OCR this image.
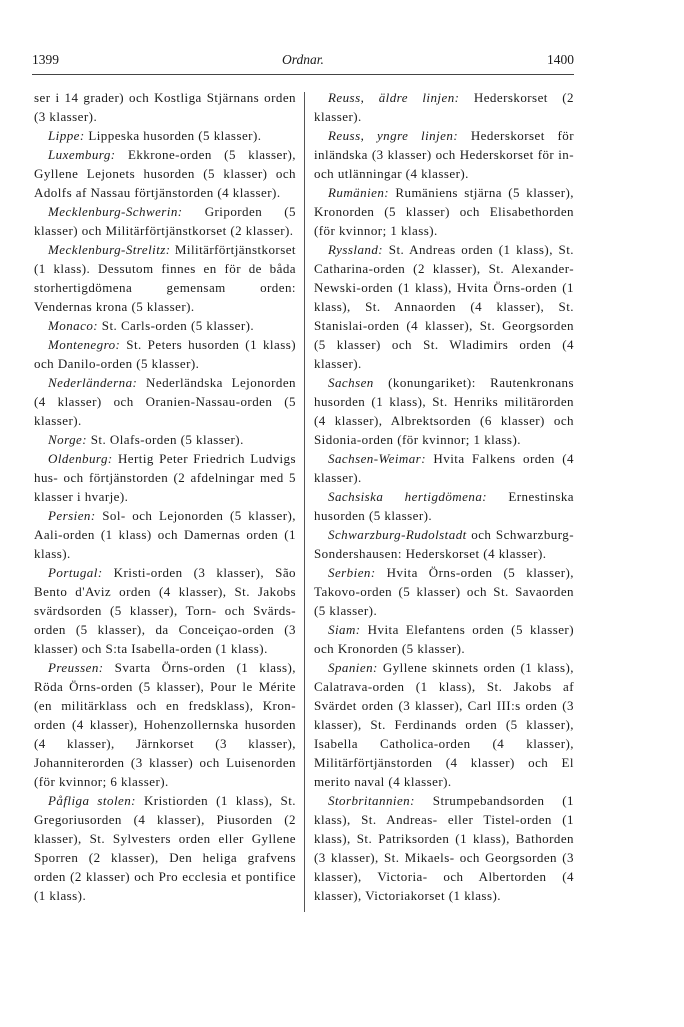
1399	Ordnar.	1400

ser i 14 grader) och Kostliga Stjärnans orden (3 klasser).

Lippe: Lippeska husorden (5 klasser).

Luxemburg: Ekkrone-orden (5 klasser), Gyllene Lejonets husorden (5 klasser) och Adolfs af Nassau förtjänstorden (4 klasser).

Mecklenburg-Schwerin: Griporden (5 klasser) och Militärförtjänstkorset (2 klasser).

Mecklenburg-Strelitz: Militärförtjänstkorset (1 klass). Dessutom finnes en för de båda storhertigdömena gemensam orden: Vendernas krona (5 klasser).

Monaco: St. Carls-orden (5 klasser).

Montenegro: St. Peters husorden (1 klass) och Danilo-orden (5 klasser).

Nederländerna: Nederländska Lejonorden (4 klasser) och Oranien-Nassau-orden (5 klasser).

Norge: St. Olafs-orden (5 klasser).

Oldenburg: Hertig Peter Friedrich Ludvigs hus- och förtjänstorden (2 afdelningar med 5 klasser i hvarje).

Persien: Sol- och Lejonorden (5 klasser), Aali-orden (1 klass) och Damernas orden (1 klass).

Portugal: Kristi-orden (3 klasser), São Bento d'Aviz orden (4 klasser), St. Jakobs svärdsorden (5 klasser), Torn- och Svärds-orden (5 klasser), da Conceiçao-orden (3 klasser) och S:ta Isabella-orden (1 klass).

Preussen: Svarta Örns-orden (1 klass), Röda Örns-orden (5 klasser), Pour le Mérite (en militärklass och en fredsklass), Kron-orden (4 klasser), Hohenzollernska husorden (4 klasser), Järnkorset (3 klasser), Johanniterorden (3 klasser) och Luisenorden (för kvinnor; 6 klasser).

Påfliga stolen: Kristiorden (1 klass), St. Gregoriusorden (4 klasser), Piusorden (2 klasser), St. Sylvesters orden eller Gyllene Sporren (2 klasser), Den heliga grafvens orden (2 klasser) och Pro ecclesia et pontifice (1 klass).

Reuss, äldre linjen: Hederskorset (2 klasser).

Reuss, yngre linjen: Hederskorset för inländska (3 klasser) och Hederskorset för in- och utlänningar (4 klasser).

Rumänien: Rumäniens stjärna (5 klasser), Kronorden (5 klasser) och Elisabethorden (för kvinnor; 1 klass).

Ryssland: St. Andreas orden (1 klass), St. Catharina-orden (2 klasser), St. Alexander-Newski-orden (1 klass), Hvita Örns-orden (1 klass), St. Annaorden (4 klasser), St. Stanislai-orden (4 klasser), St. Georgsorden (5 klasser) och St. Wladimirs orden (4 klasser).

Sachsen (konungariket): Rautenkronans husorden (1 klass), St. Henriks militärorden (4 klasser), Albrektsorden (6 klasser) och Sidonia-orden (för kvinnor; 1 klass).

Sachsen-Weimar: Hvita Falkens orden (4 klasser).

Sachsiska hertigdömena: Ernestinska husorden (5 klasser).

Schwarzburg-Rudolstadt och Schwarzburg-Sondershausen: Hederskorset (4 klasser).

Serbien: Hvita Örns-orden (5 klasser), Takovo-orden (5 klasser) och St. Savaorden (5 klasser).

Siam: Hvita Elefantens orden (5 klasser) och Kronorden (5 klasser).

Spanien: Gyllene skinnets orden (1 klass), Calatrava-orden (1 klass), St. Jakobs af Svärdet orden (3 klasser), Carl III:s orden (3 klasser), St. Ferdinands orden (5 klasser), Isabella Catholica-orden (4 klasser), Militärförtjänstorden (4 klasser) och El merito naval (4 klasser).

Storbritannien: Strumpebandsorden (1 klass), St. Andreas- eller Tistel-orden (1 klass), St. Patriksorden (1 klass), Bathorden (3 klasser), St. Mikaels- och Georgsorden (3 klasser), Victoria- och Albertorden (4 klasser), Victoriakorset (1 klass).
